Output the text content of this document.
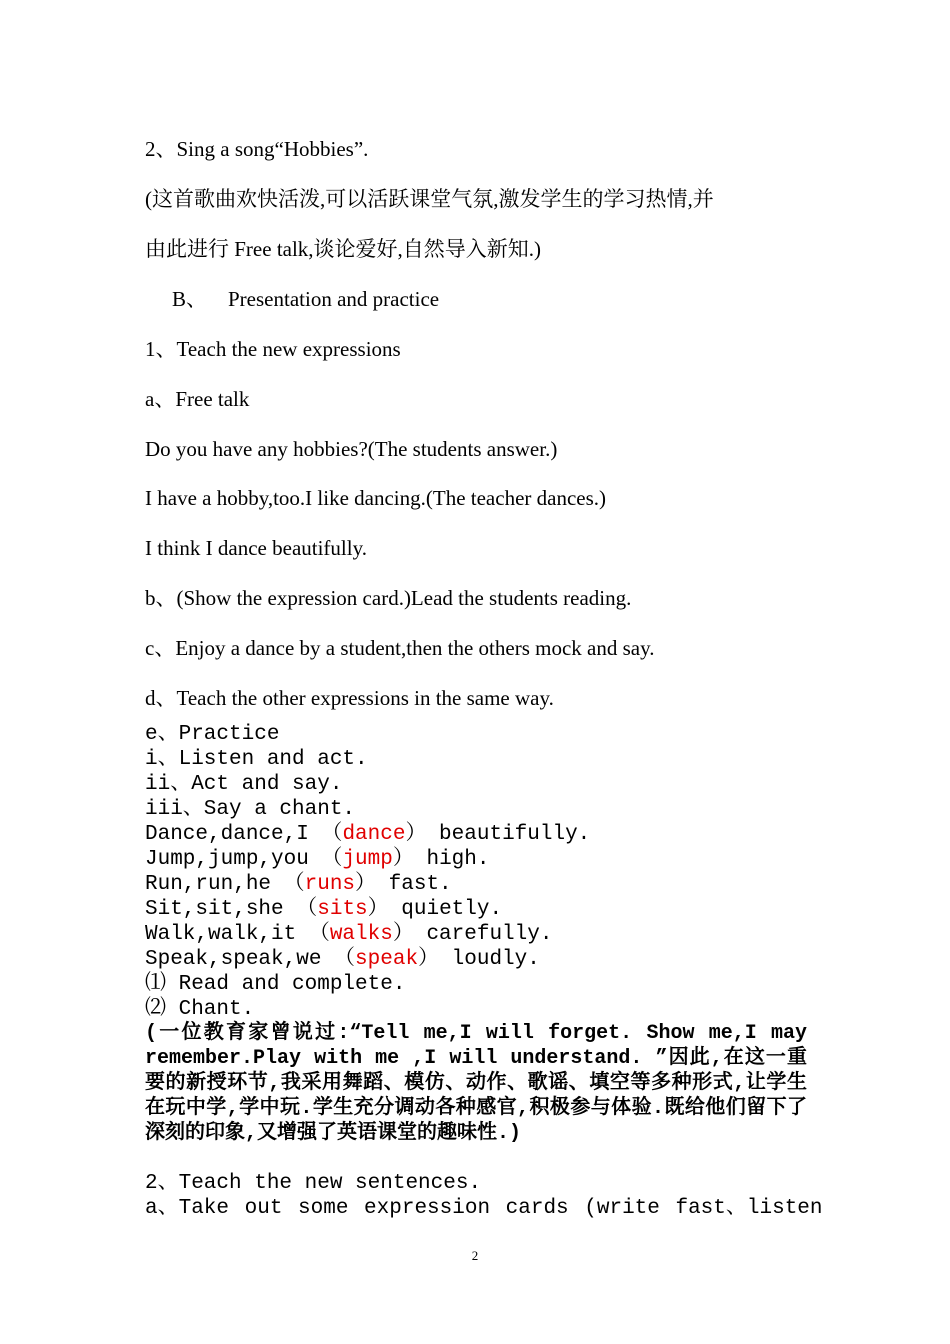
2、Sing a song“Hobbies”.
(这首歌曲欢快活泼,可以活跃课堂气氛,激发学生的学习热情,并
由此进行 Free talk,谈论爱好,自然导入新知.)
B、    Presentation and practice
1、Teach the new expressions
a、Free talk
Do you have any hobbies?(The students answer.)
I have a hobby,too.I like dancing.(The teacher dances.)
I think I dance beautifully.
b、(Show the expression card.)Lead the students reading.
c、Enjoy a dance by a student,then the others mock and say.
d、Teach the other expressions in the same way.
e、Practice
i、Listen and act.
ii、Act and say.
iii、Say a chant.
Dance,dance,I （dance） beautifully.
Jump,jump,you （jump） high.
Run,run,he （runs） fast.
Sit,sit,she （sits） quietly.
Walk,walk,it （walks） carefully.
Speak,speak,we （speak） loudly.
⑴ Read and complete.
⑵ Chant.
(一位教育家曾说过:“Tell me,I will forget. Show me,I may remember.Play with me ,I will understand. ”因此,在这一重要的新授环节,我采用舞蹈、模仿、动作、歌谣、填空等多种形式,让学生在玩中学,学中玩.学生充分调动各种感官,积极参与体验.既给他们留下了深刻的印象,又增强了英语课堂的趣味性.)
2、Teach the new sentences.
a、Take out some expression cards (write fast、listen
2
